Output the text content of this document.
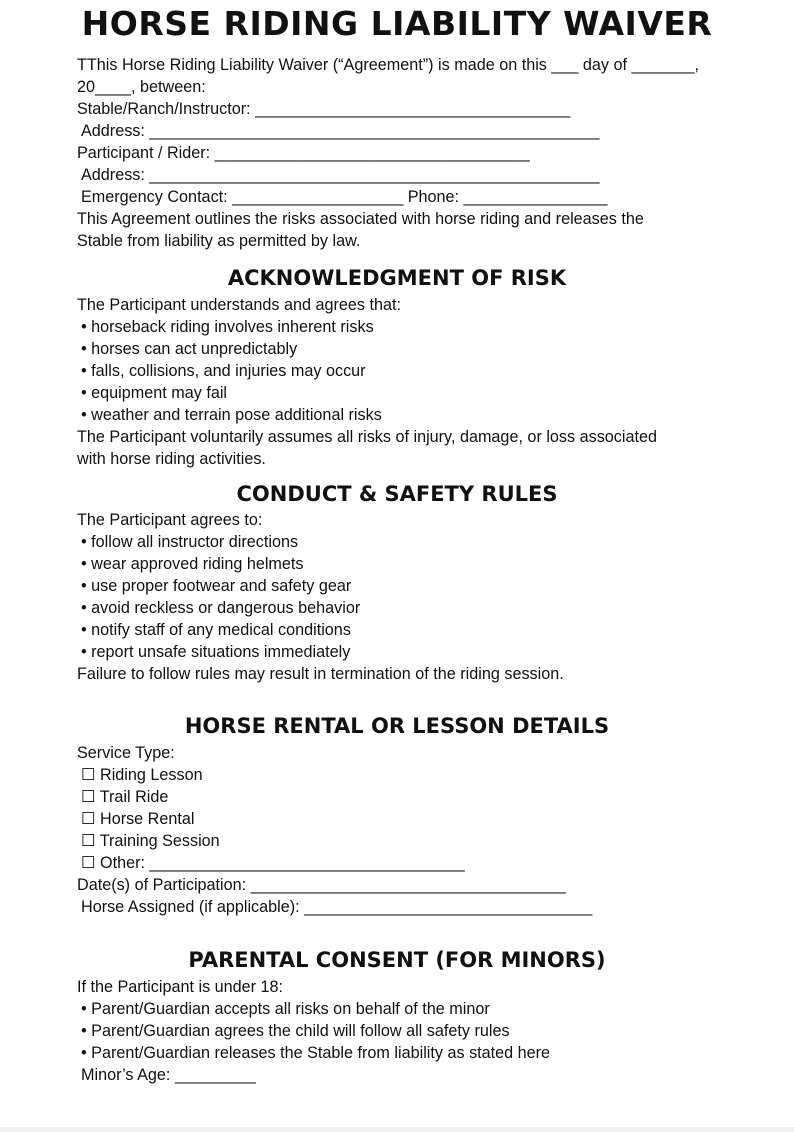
HORSE RIDING LIABILITY WAIVER
TThis Horse Riding Liability Waiver (“Agreement”) is made on this ___ day of _______,
20____, between:
Stable/Ranch/Instructor: ___________________________________
Address: __________________________________________________
Participant / Rider: ___________________________________
Address: __________________________________________________
Emergency Contact: ___________________ Phone: ________________
This Agreement outlines the risks associated with horse riding and releases the
Stable from liability as permitted by law.
ACKNOWLEDGMENT OF RISK
The Participant understands and agrees that:
• horseback riding involves inherent risks
• horses can act unpredictably
• falls, collisions, and injuries may occur
• equipment may fail
• weather and terrain pose additional risks
The Participant voluntarily assumes all risks of injury, damage, or loss associated
with horse riding activities.
CONDUCT & SAFETY RULES
The Participant agrees to:
• follow all instructor directions
• wear approved riding helmets
• use proper footwear and safety gear
• avoid reckless or dangerous behavior
• notify staff of any medical conditions
• report unsafe situations immediately
Failure to follow rules may result in termination of the riding session.
HORSE RENTAL OR LESSON DETAILS
Service Type:
☐ Riding Lesson
☐ Trail Ride
☐ Horse Rental
☐ Training Session
☐ Other: ___________________________________
Date(s) of Participation: ___________________________________
Horse Assigned (if applicable): ________________________________
PARENTAL CONSENT (FOR MINORS)
If the Participant is under 18:
• Parent/Guardian accepts all risks on behalf of the minor
• Parent/Guardian agrees the child will follow all safety rules
• Parent/Guardian releases the Stable from liability as stated here
Minor’s Age: _________
